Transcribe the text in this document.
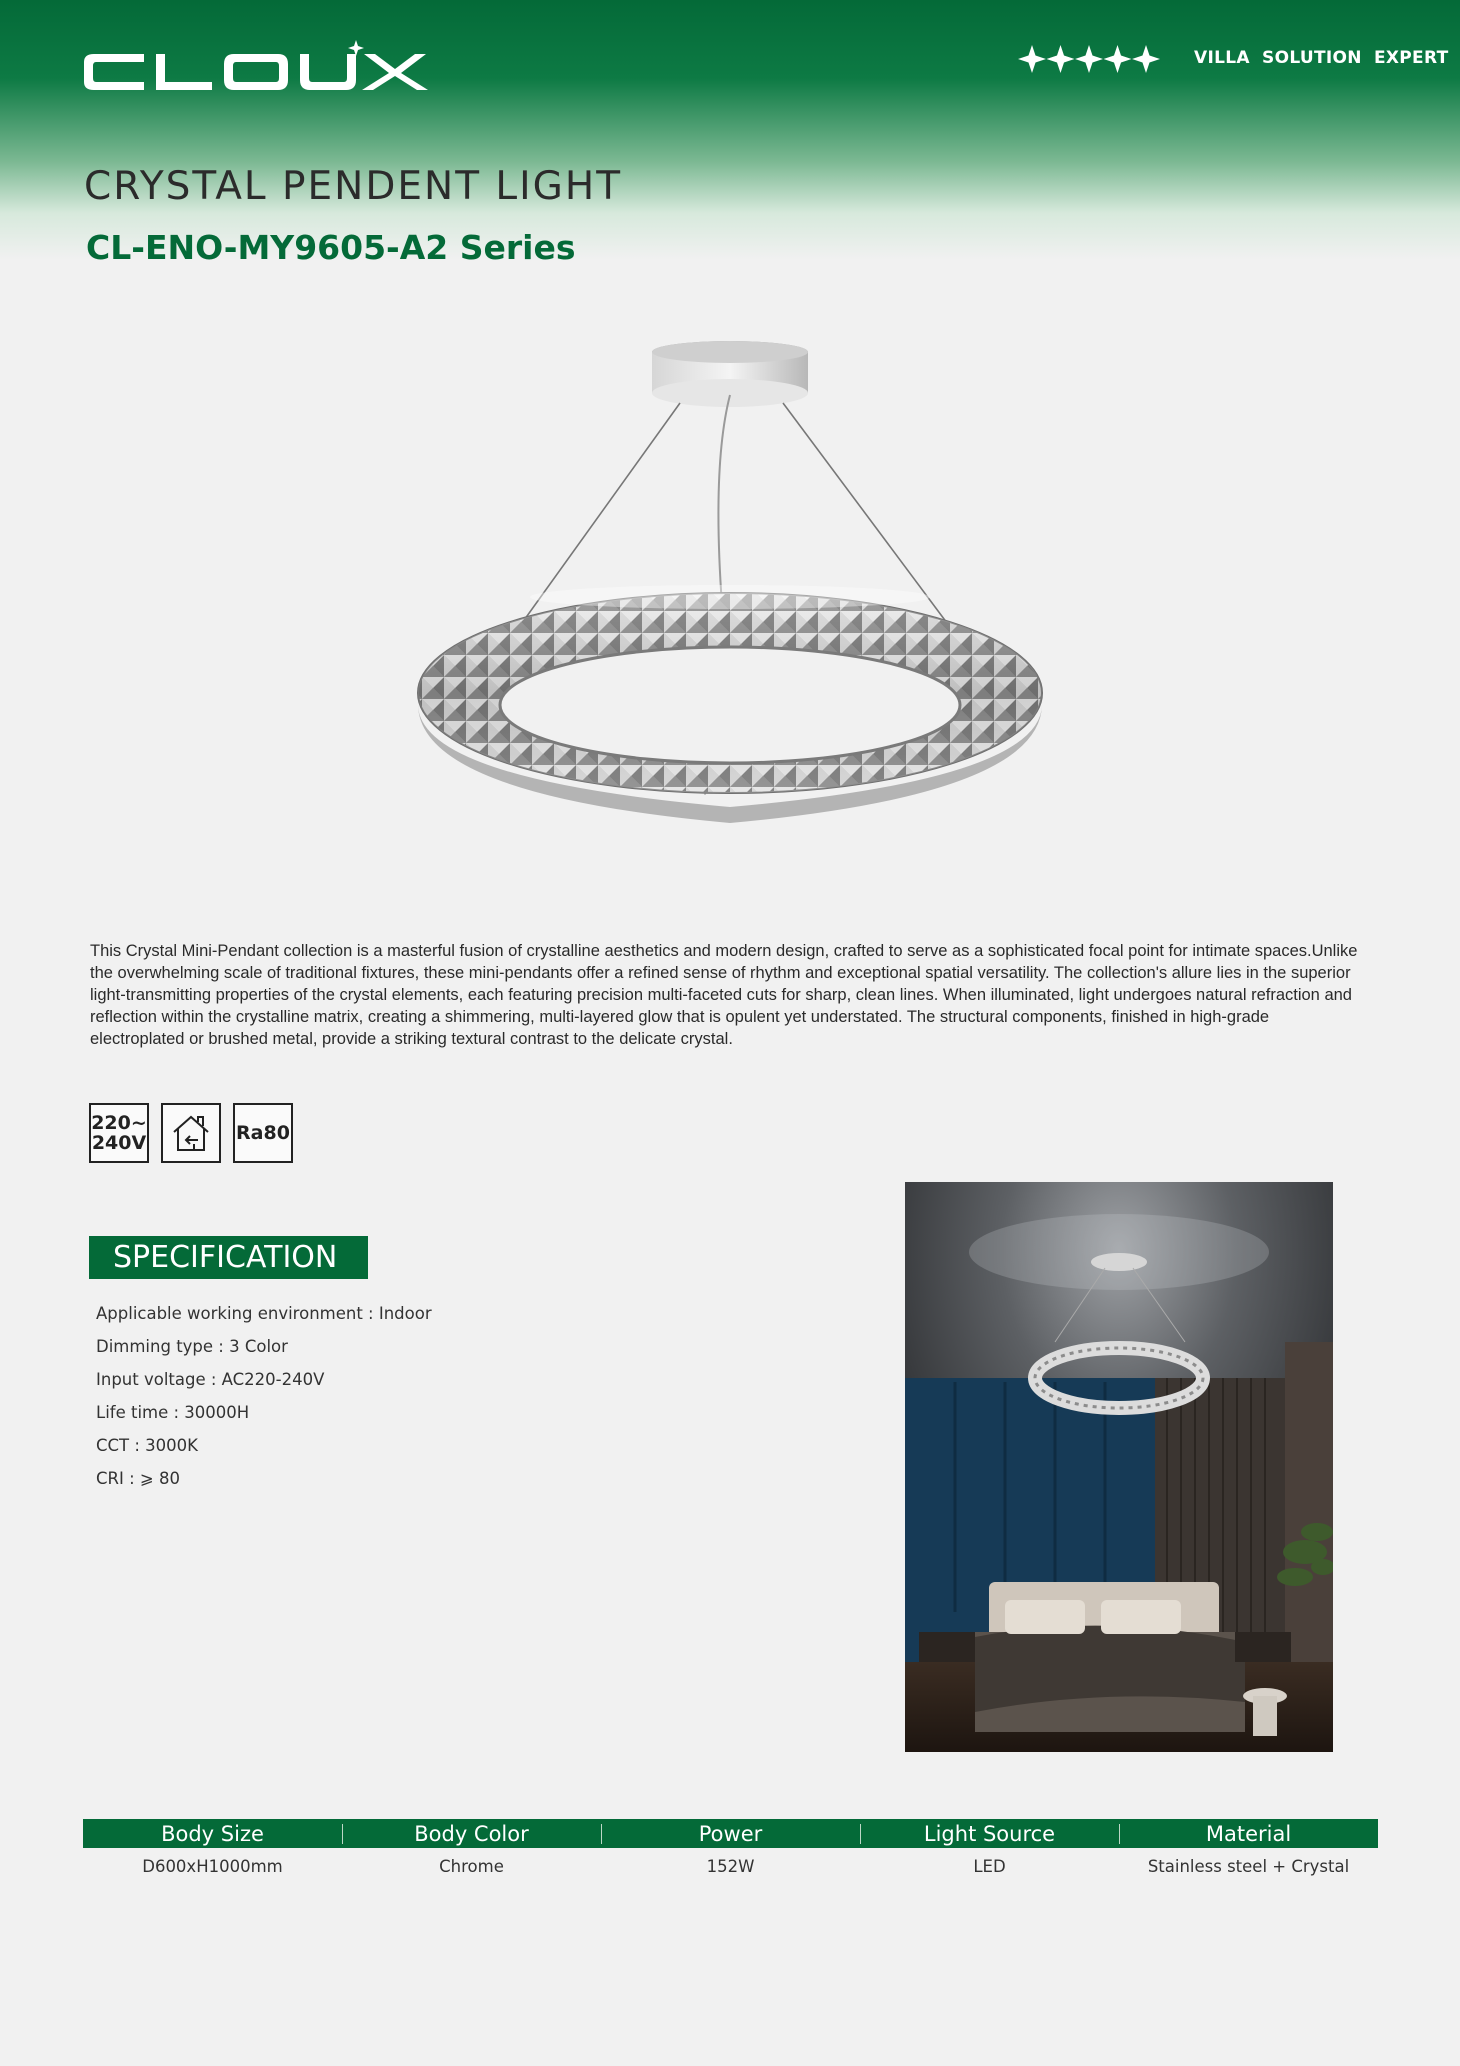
VILLA SOLUTION EXPERT
CRYSTAL PENDENT LIGHT
CL-ENO-MY9605-A2 Series

This Crystal Mini-Pendant collection is a masterful fusion of crystalline aesthetics and modern design, crafted to serve as a sophisticated focal point for intimate spaces.Unlike the overwhelming scale of traditional fixtures, these mini-pendants offer a refined sense of rhythm and exceptional spatial versatility. The collection's allure lies in the superior light-transmitting properties of the crystal elements, each featuring precision multi-faceted cuts for sharp, clean lines. When illuminated, light undergoes natural refraction and reflection within the crystalline matrix, creating a shimmering, multi-layered glow that is opulent yet understated. The structural components, finished in high-grade electroplated or brushed metal, provide a striking textural contrast to the delicate crystal.

220~
240V	Ra80
SPECIFICATION
Applicable working environment : Indoor
Dimming type : 3 Color
Input voltage : AC220-240V
Life time : 30000H
CCT : 3000K
CRI : ⩾ 80
Body Size	Body Color	Power	Light Source	Material
D600xH1000mm	Chrome	152W	LED	Stainless steel + Crystal
